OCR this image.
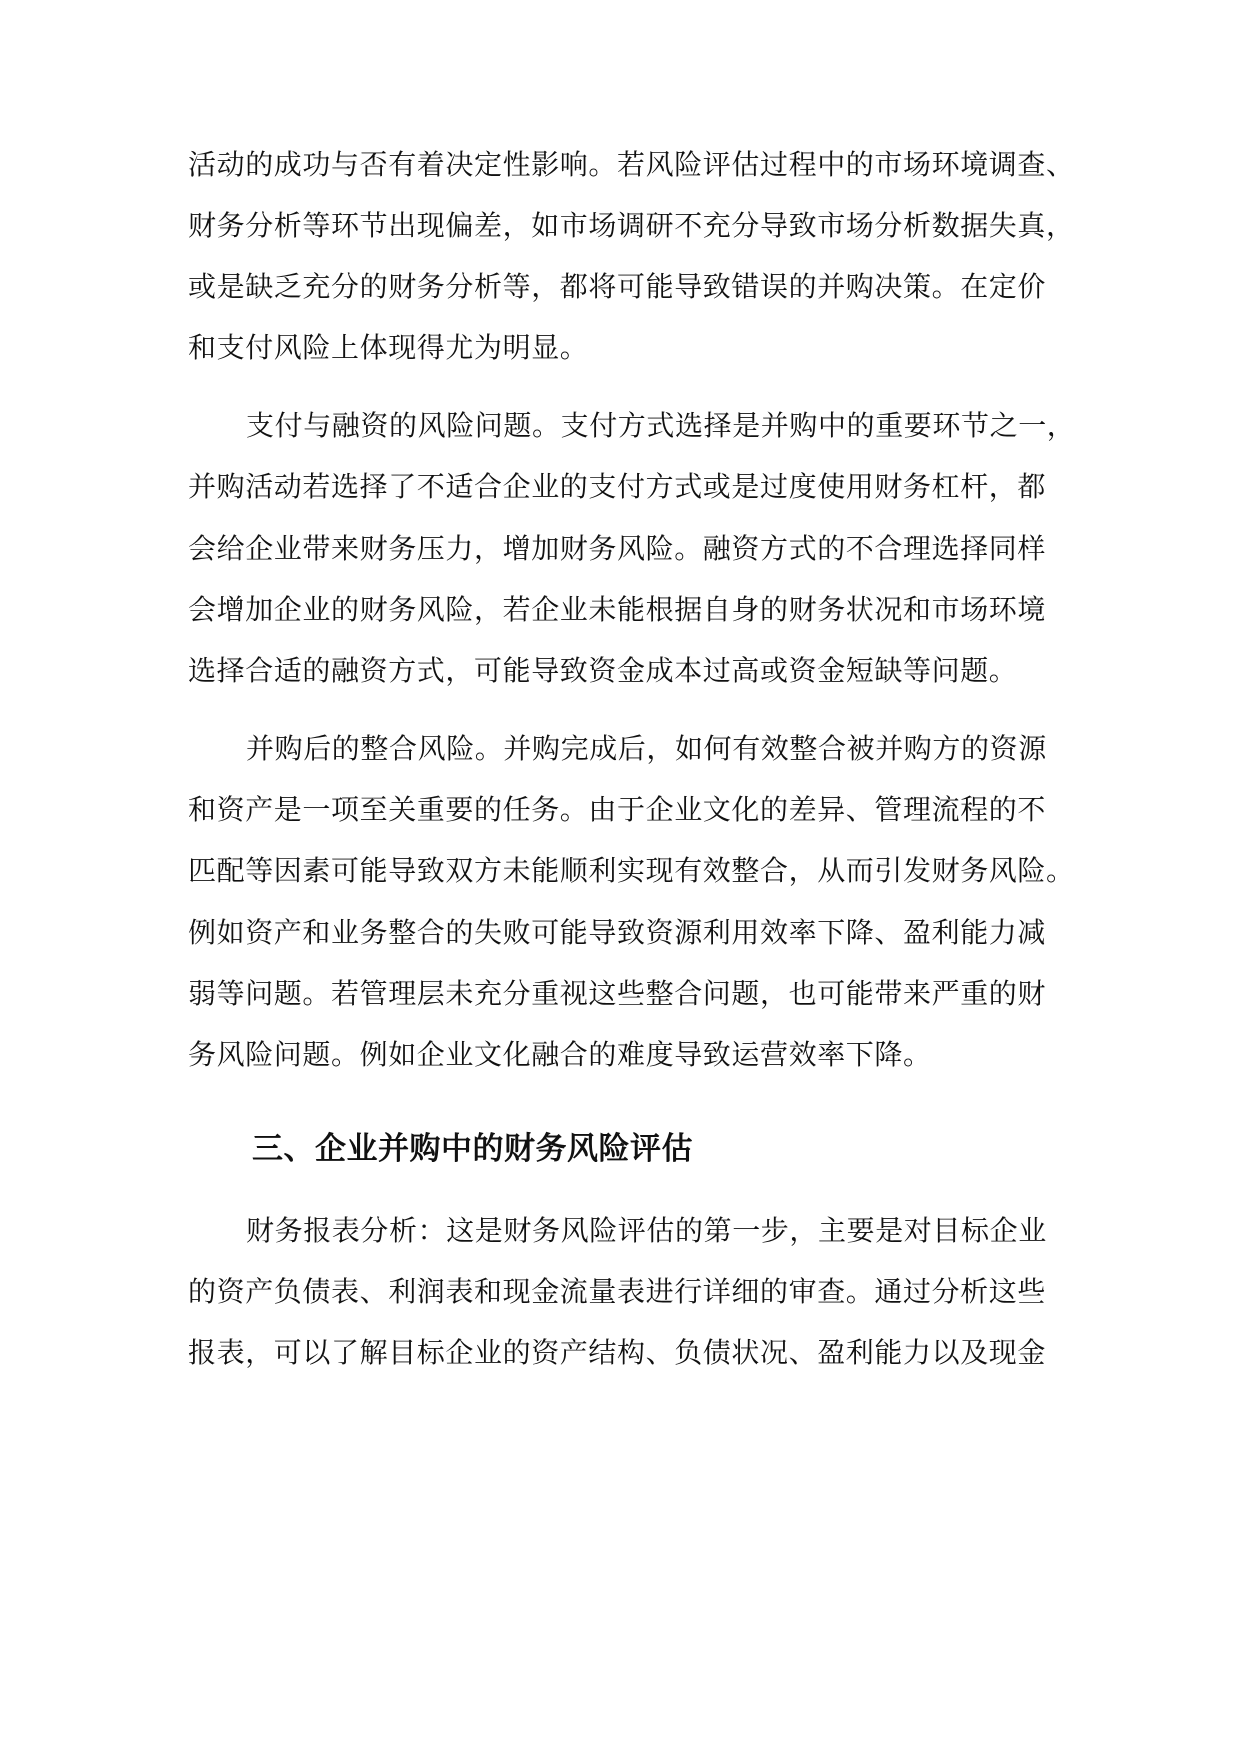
活动的成功与否有着决定性影响。若风险评估过程中的市场环境调查、
财务分析等环节出现偏差，如市场调研不充分导致市场分析数据失真，
或是缺乏充分的财务分析等，都将可能导致错误的并购决策。在定价
和支付风险上体现得尤为明显。
支付与融资的风险问题。支付方式选择是并购中的重要环节之一，
并购活动若选择了不适合企业的支付方式或是过度使用财务杠杆，都
会给企业带来财务压力，增加财务风险。融资方式的不合理选择同样
会增加企业的财务风险，若企业未能根据自身的财务状况和市场环境
选择合适的融资方式，可能导致资金成本过高或资金短缺等问题。
并购后的整合风险。并购完成后，如何有效整合被并购方的资源
和资产是一项至关重要的任务。由于企业文化的差异、管理流程的不
匹配等因素可能导致双方未能顺利实现有效整合，从而引发财务风险。
例如资产和业务整合的失败可能导致资源利用效率下降、盈利能力减
弱等问题。若管理层未充分重视这些整合问题，也可能带来严重的财
务风险问题。例如企业文化融合的难度导致运营效率下降。
三、企业并购中的财务风险评估
财务报表分析：这是财务风险评估的第一步，主要是对目标企业
的资产负债表、利润表和现金流量表进行详细的审查。通过分析这些
报表，可以了解目标企业的资产结构、负债状况、盈利能力以及现金
